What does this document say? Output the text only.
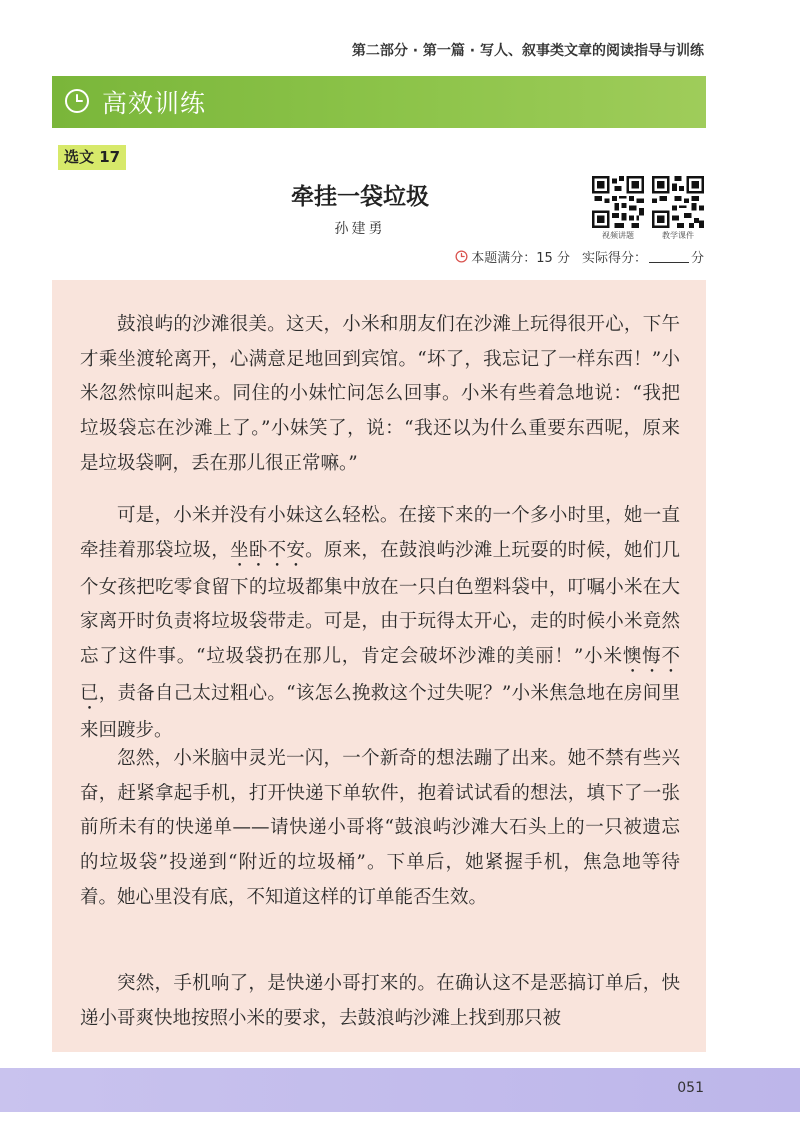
第二部分 · 第一篇 · 写人、叙事类文章的阅读指导与训练
高效训练
选文 17
牵挂一袋垃圾
孙建勇	视频讲题	教学课件
本题满分：15 分 实际得分：	分

鼓浪屿的沙滩很美。这天，小米和朋友们在沙滩上玩得很开心，下午才乘坐渡轮离开，心满意足地回到宾馆。“坏了，我忘记了一样东西！”小米忽然惊叫起来。同住的小妹忙问怎么回事。小米有些着急地说：“我把垃圾袋忘在沙滩上了。”小妹笑了，说：“我还以为什么重要东西呢，原来是垃圾袋啊，丢在那儿很正常嘛。”

可是，小米并没有小妹这么轻松。在接下来的一个多小时里，她一直牵挂着那袋垃圾，坐卧不安。原来，在鼓浪屿沙滩上玩耍的时候，她们几个女孩把吃零食留下的垃圾都集中放在一只白色塑料袋中，叮嘱小米在大家离开时负责将垃圾袋带走。可是，由于玩得太开心，走的时候小米竟然忘了这件事。“垃圾袋扔在那儿，肯定会破坏沙滩的美丽！”小米懊悔不已，责备自己太过粗心。“该怎么挽救这个过失呢？”小米焦急地在房间里来回踱步。

忽然，小米脑中灵光一闪，一个新奇的想法蹦了出来。她不禁有些兴奋，赶紧拿起手机，打开快递下单软件，抱着试试看的想法，填下了一张前所未有的快递单——请快递小哥将“鼓浪屿沙滩大石头上的一只被遗忘的垃圾袋”投递到“附近的垃圾桶”。下单后，她紧握手机，焦急地等待着。她心里没有底，不知道这样的订单能否生效。

突然，手机响了，是快递小哥打来的。在确认这不是恶搞订单后，快递小哥爽快地按照小米的要求，去鼓浪屿沙滩上找到那只被

051
